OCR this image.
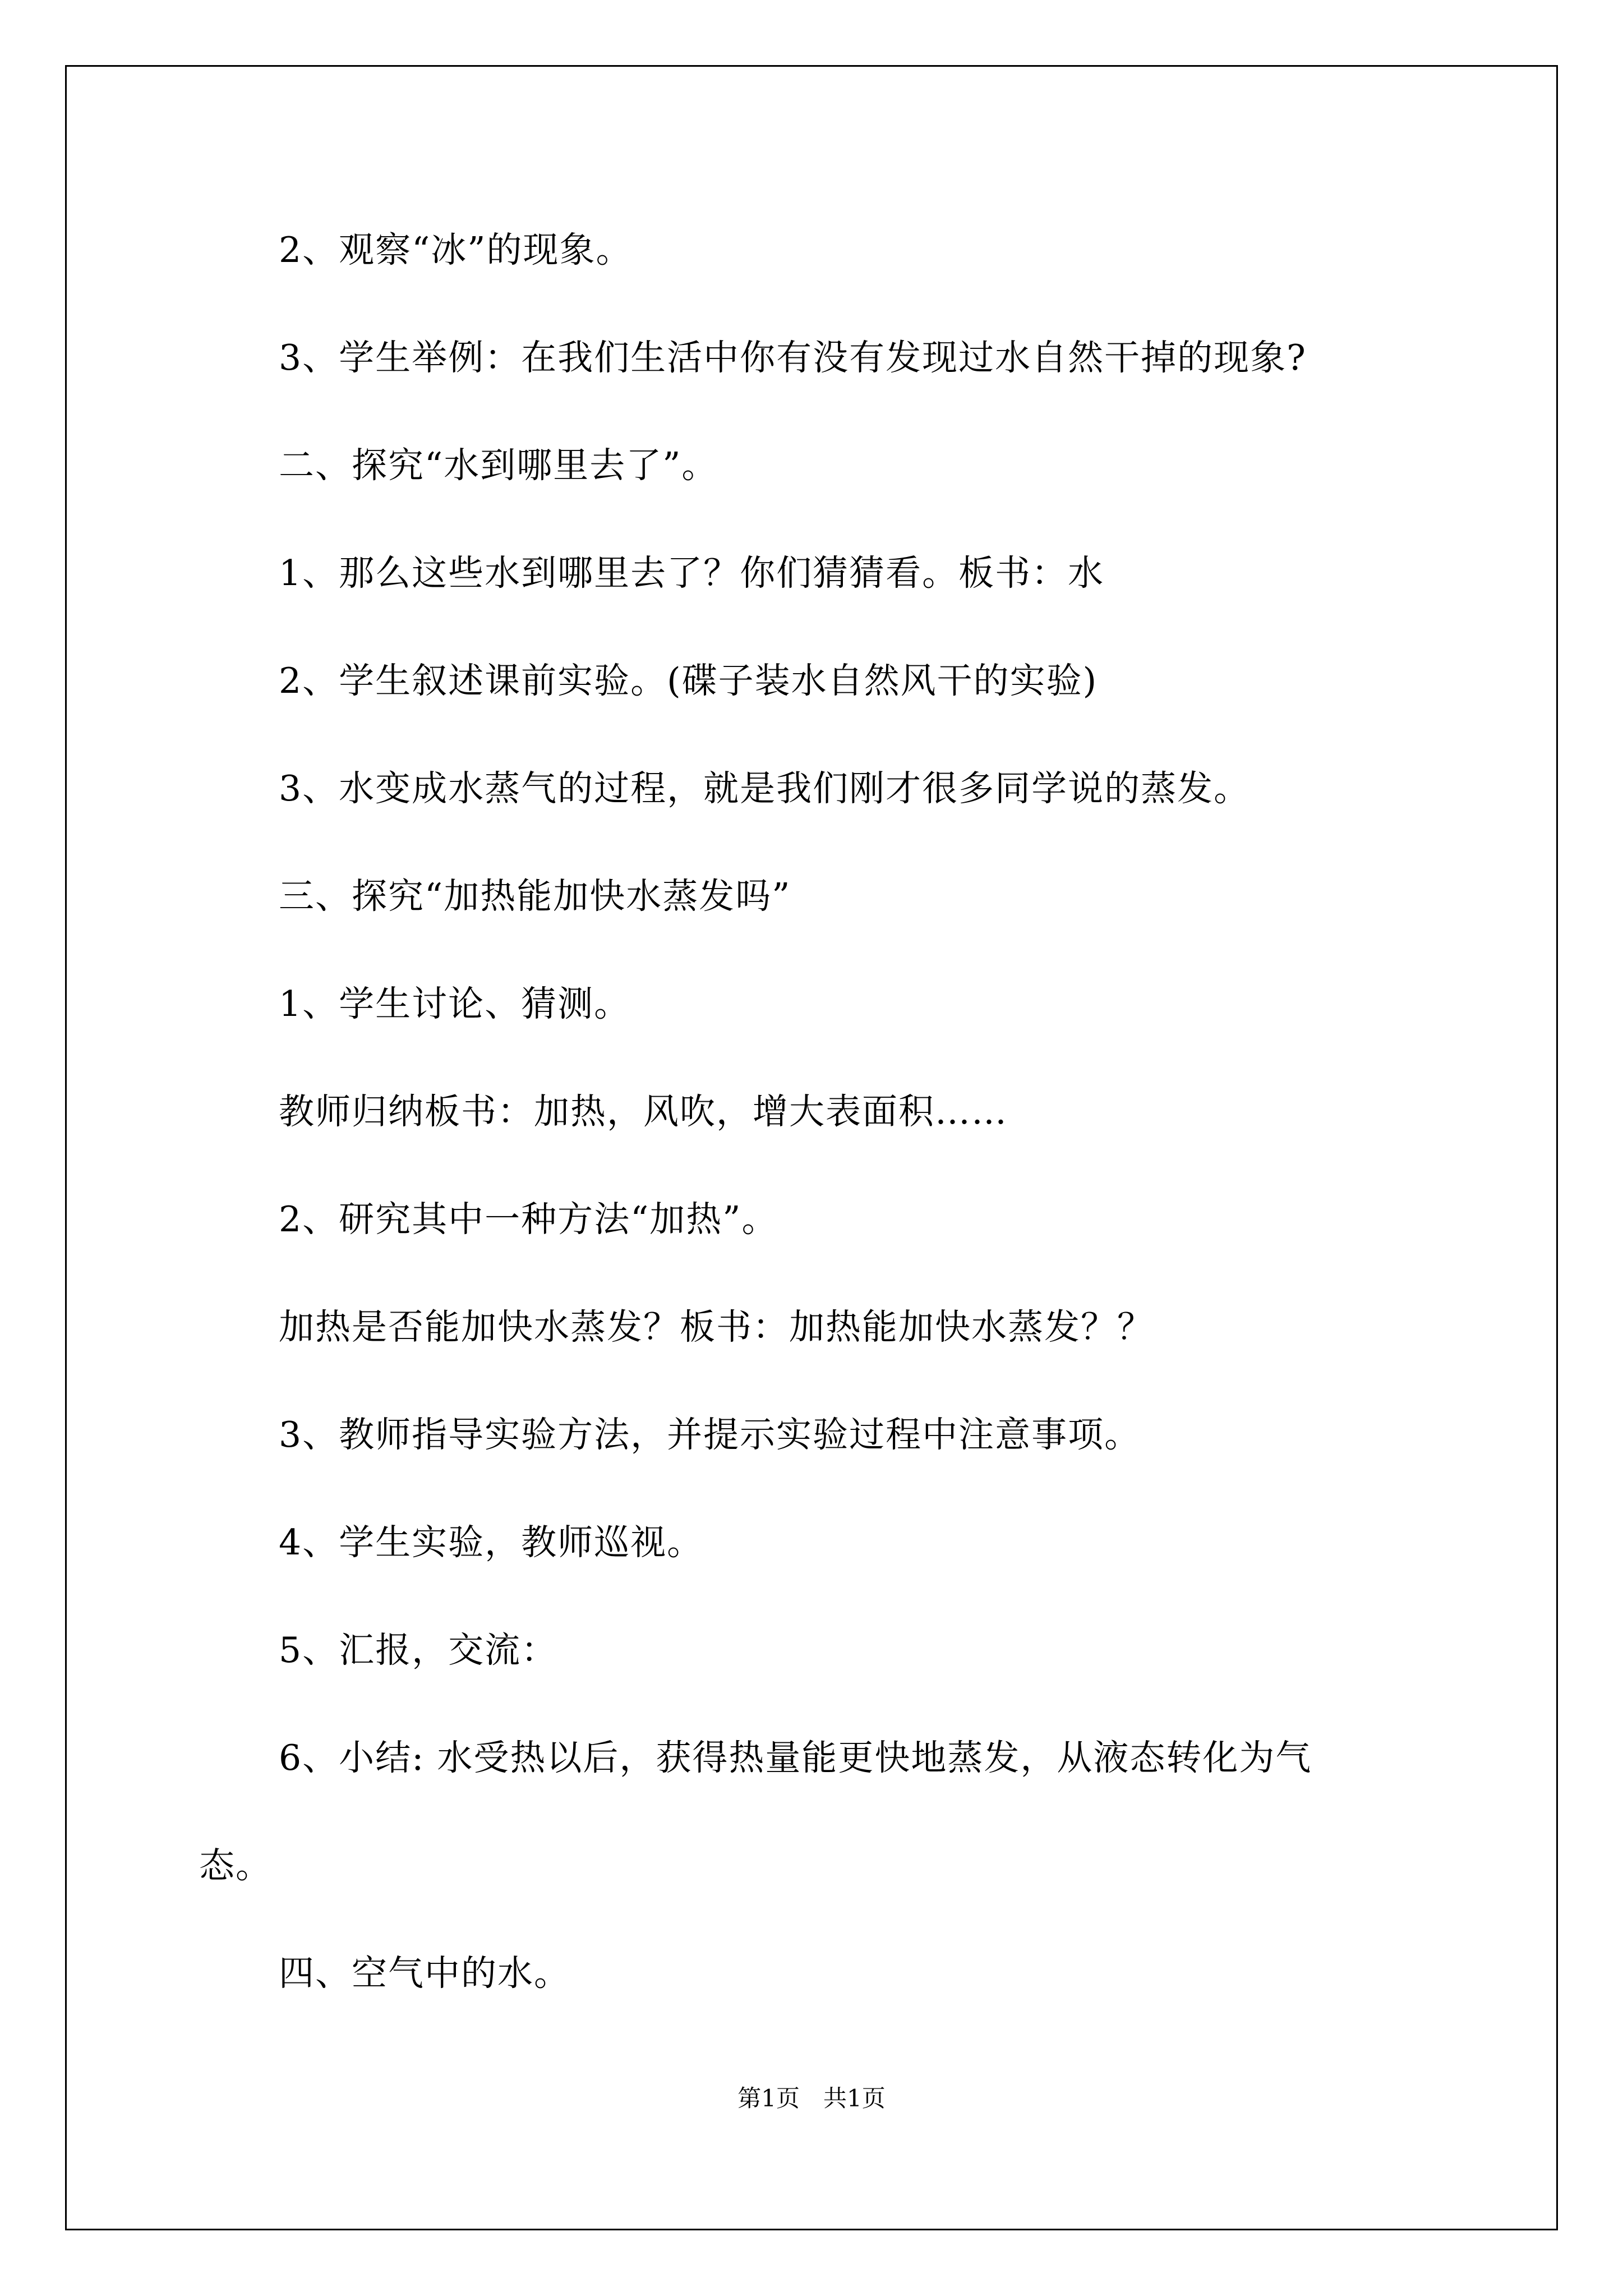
2、观察“冰”的现象。
3、学生举例：在我们生活中你有没有发现过水自然干掉的现象?
二、探究“水到哪里去了”。
1、那么这些水到哪里去了？你们猜猜看。板书：水
2、学生叙述课前实验。(碟子装水自然风干的实验)
3、水变成水蒸气的过程，就是我们刚才很多同学说的蒸发。
三、探究“加热能加快水蒸发吗”
1、学生讨论、猜测。
教师归纳板书：加热，风吹，增大表面积……
2、研究其中一种方法“加热”。
加热是否能加快水蒸发？板书：加热能加快水蒸发？？
3、教师指导实验方法，并提示实验过程中注意事项。
4、学生实验，教师巡视。
5、汇报，交流：
6、小结: 水受热以后，获得热量能更快地蒸发，从液态转化为气
态。
四、空气中的水。
第1页　共1页
